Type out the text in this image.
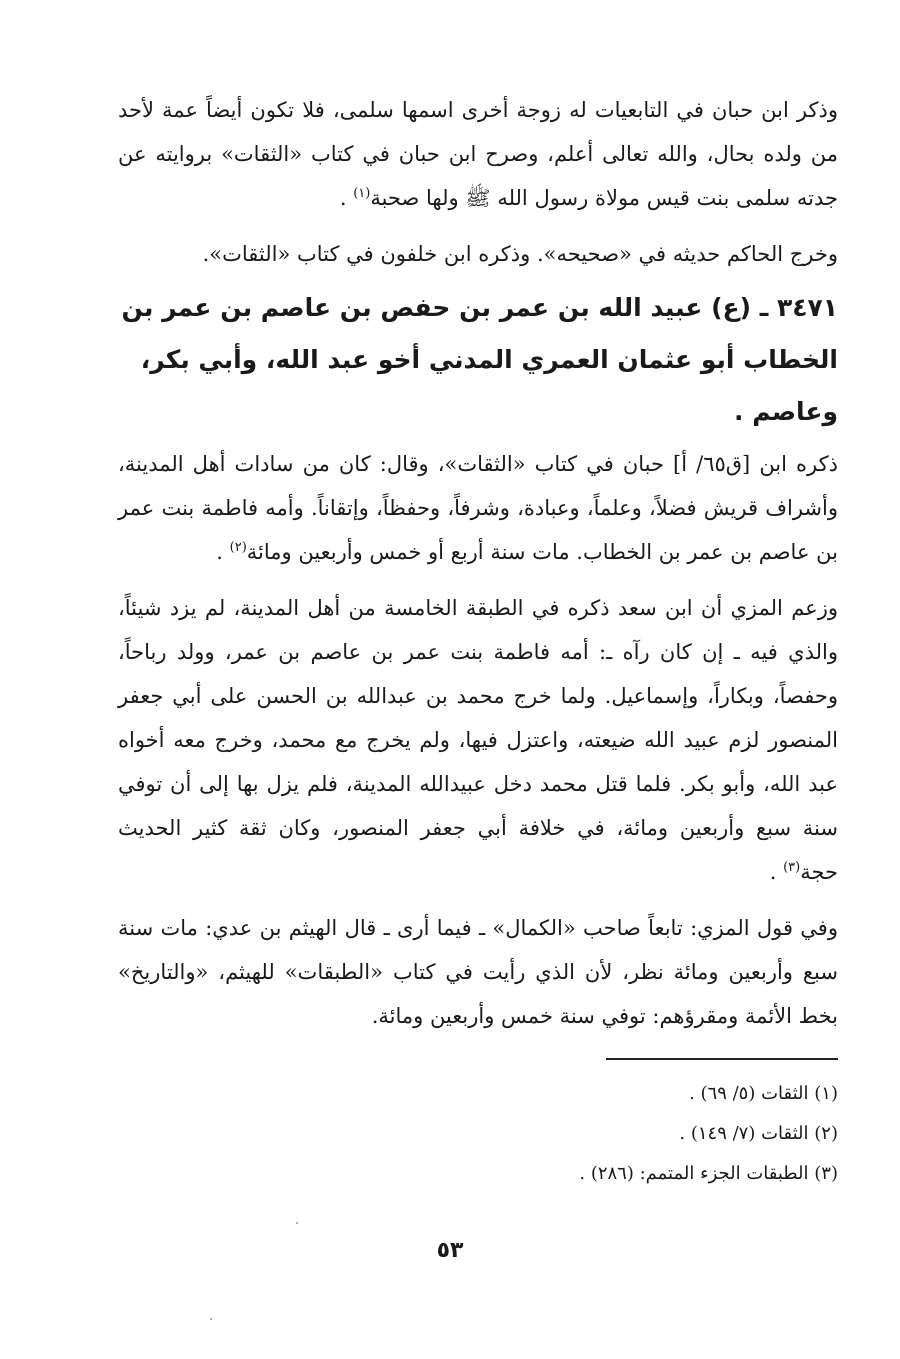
وذكر ابن حبان في التابعيات له زوجة أخرى اسمها سلمى، فلا تكون أيضاً عمة لأحد من ولده بحال، والله تعالى أعلم، وصرح ابن حبان في كتاب «الثقات» بروايته عن جدته سلمى بنت قيس مولاة رسول الله ﷺ ولها صحبة$^{(١)}$ .

وخرج الحاكم حديثه في «صحيحه». وذكره ابن خلفون في كتاب «الثقات».

٣٤٧١ ـ (ع) عبيد الله بن عمر بن حفص بن عاصم بن عمر بن الخطاب أبو عثمان العمري المدني أخو عبد الله، وأبي بكر، وعاصم .

ذكره ابن [ق٦٥/ أ] حبان في كتاب «الثقات»، وقال: كان من سادات أهل المدينة، وأشراف قريش فضلاً، وعلماً، وعبادة، وشرفاً، وحفظاً، وإتقاناً. وأمه فاطمة بنت عمر بن عاصم بن عمر بن الخطاب. مات سنة أربع أو خمس وأربعين ومائة$^{(٢)}$ .

وزعم المزي أن ابن سعد ذكره في الطبقة الخامسة من أهل المدينة، لم يزد شيئاً، والذي فيه ـ إن كان رآه ـ: أمه فاطمة بنت عمر بن عاصم بن عمر، وولد رباحاً، وحفصاً، وبكاراً، وإسماعيل. ولما خرج محمد بن عبدالله بن الحسن على أبي جعفر المنصور لزم عبيد الله ضيعته، واعتزل فيها، ولم يخرج مع محمد، وخرج معه أخواه عبد الله، وأبو بكر. فلما قتل محمد دخل عبيدالله المدينة، فلم يزل بها إلى أن توفي سنة سبع وأربعين ومائة، في خلافة أبي جعفر المنصور، وكان ثقة كثير الحديث حجة$^{(٣)}$ .

وفي قول المزي: تابعاً صاحب «الكمال» ـ فيما أرى ـ قال الهيثم بن عدي: مات سنة سبع وأربعين ومائة نظر، لأن الذي رأيت في كتاب «الطبقات» للهيثم، «والتاريخ» بخط الأئمة ومقرؤهم: توفي سنة خمس وأربعين ومائة.

(١) الثقات (٥/ ٦٩) .

(٢) الثقات (٧/ ١٤٩) .

(٣) الطبقات الجزء المتمم: (٢٨٦) .

٥٣
